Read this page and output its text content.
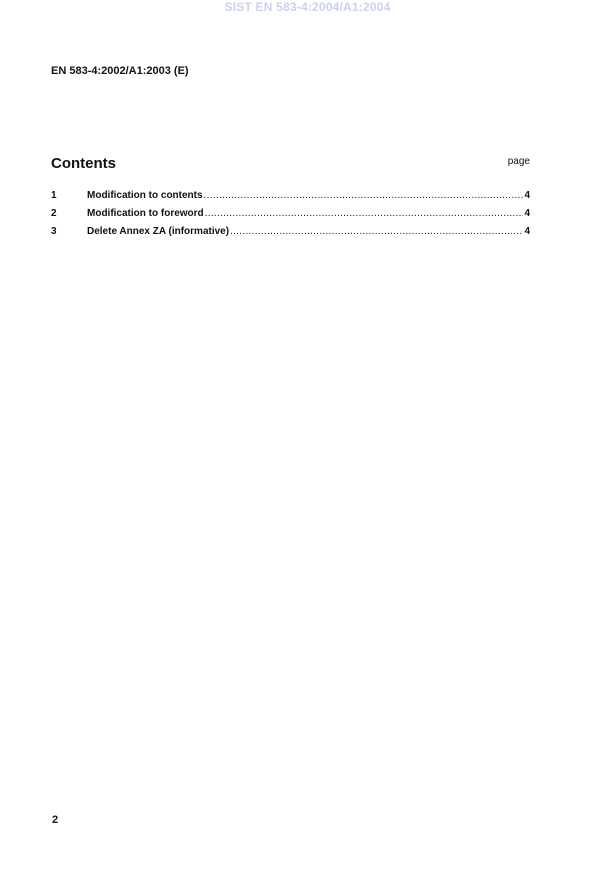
SIST EN 583-4:2004/A1:2004
EN 583-4:2002/A1:2003 (E)
Contents	page
1	Modification to contents .....	4
2	Modification to foreword .....	4
3	Delete Annex ZA (informative) .....	4
2
